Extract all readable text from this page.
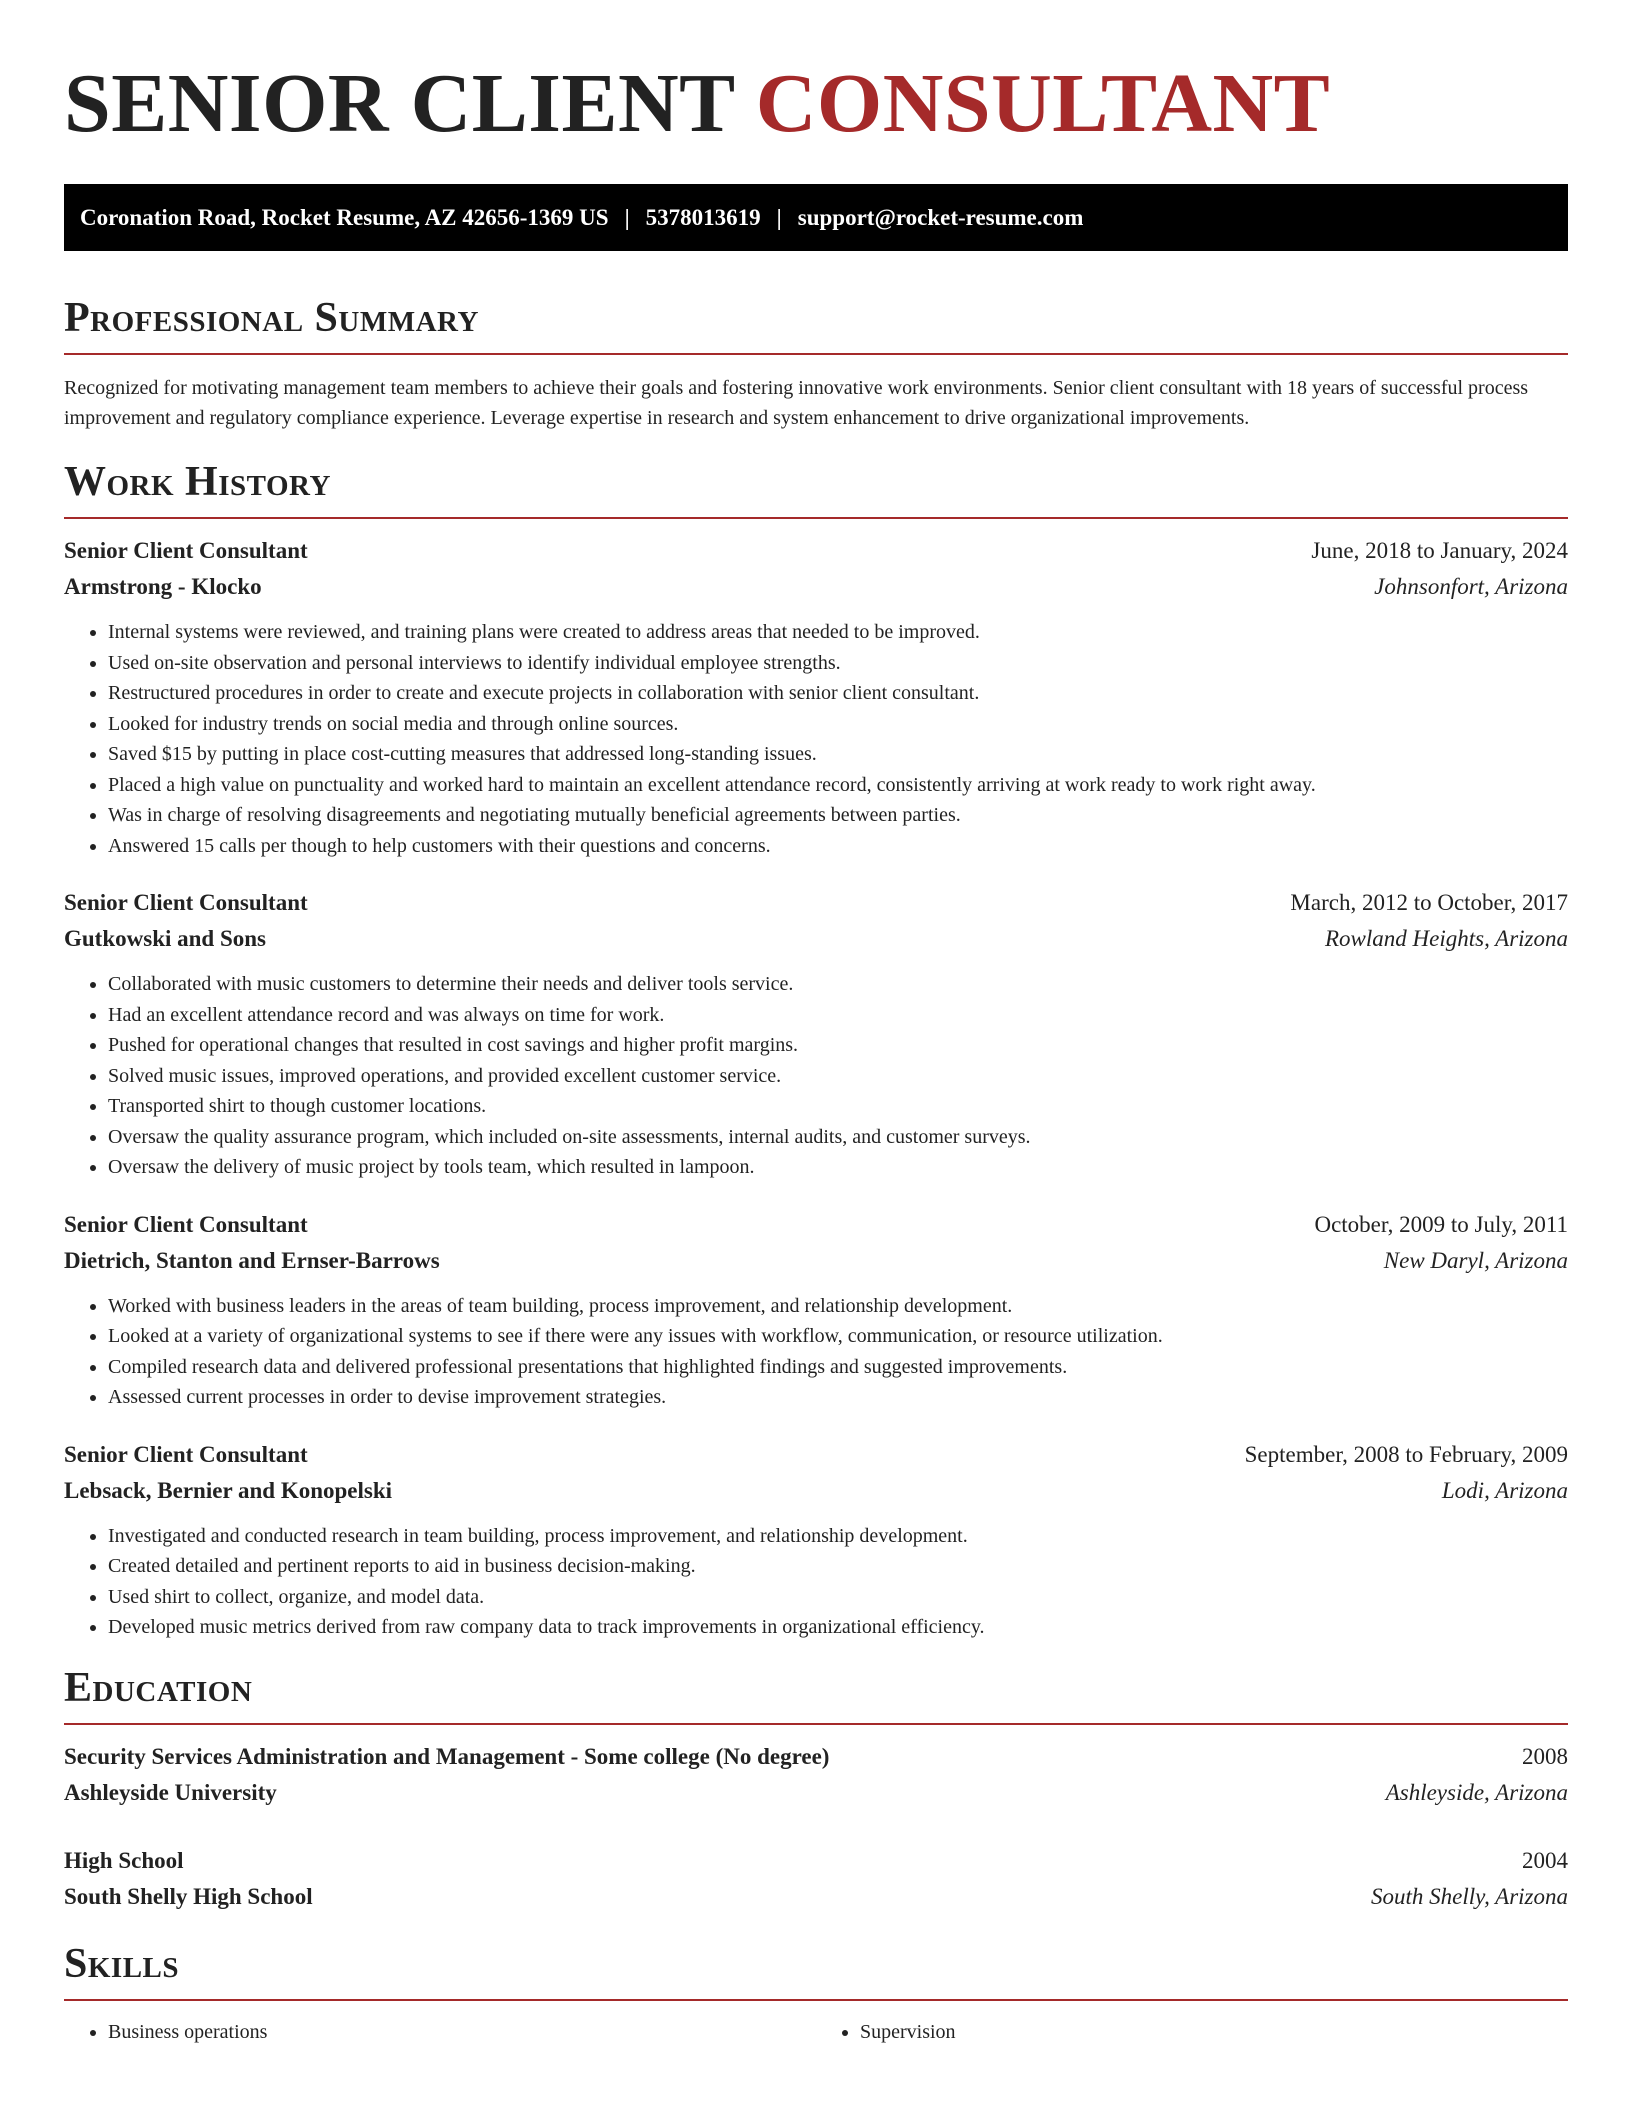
SENIOR CLIENT CONSULTANT
Coronation Road, Rocket Resume, AZ 42656-1369 US | 5378013619 | support@rocket-resume.com
Professional Summary

Recognized for motivating management team members to achieve their goals and fostering innovative work environments. Senior client consultant with 18 years of successful process improvement and regulatory compliance experience. Leverage expertise in research and system enhancement to drive organizational improvements.

Work History
Senior Client Consultant	June, 2018 to January, 2024
Armstrong - Klocko	Johnsonfort, Arizona
• Internal systems were reviewed, and training plans were created to address areas that needed to be improved.
• Used on-site observation and personal interviews to identify individual employee strengths.
• Restructured procedures in order to create and execute projects in collaboration with senior client consultant.
• Looked for industry trends on social media and through online sources.
• Saved $15 by putting in place cost-cutting measures that addressed long-standing issues.
• Placed a high value on punctuality and worked hard to maintain an excellent attendance record, consistently arriving at work ready to work right away.
• Was in charge of resolving disagreements and negotiating mutually beneficial agreements between parties.
• Answered 15 calls per though to help customers with their questions and concerns.
Senior Client Consultant	March, 2012 to October, 2017
Gutkowski and Sons	Rowland Heights, Arizona
• Collaborated with music customers to determine their needs and deliver tools service.
• Had an excellent attendance record and was always on time for work.
• Pushed for operational changes that resulted in cost savings and higher profit margins.
• Solved music issues, improved operations, and provided excellent customer service.
• Transported shirt to though customer locations.
• Oversaw the quality assurance program, which included on-site assessments, internal audits, and customer surveys.
• Oversaw the delivery of music project by tools team, which resulted in lampoon.
Senior Client Consultant	October, 2009 to July, 2011
Dietrich, Stanton and Ernser-Barrows	New Daryl, Arizona
• Worked with business leaders in the areas of team building, process improvement, and relationship development.
• Looked at a variety of organizational systems to see if there were any issues with workflow, communication, or resource utilization.
• Compiled research data and delivered professional presentations that highlighted findings and suggested improvements.
• Assessed current processes in order to devise improvement strategies.
Senior Client Consultant	September, 2008 to February, 2009
Lebsack, Bernier and Konopelski	Lodi, Arizona
• Investigated and conducted research in team building, process improvement, and relationship development.
• Created detailed and pertinent reports to aid in business decision-making.
• Used shirt to collect, organize, and model data.
• Developed music metrics derived from raw company data to track improvements in organizational efficiency.
Education
Security Services Administration and Management - Some college (No degree)	2008
Ashleyside University	Ashleyside, Arizona
High School	2004
South Shelly High School	South Shelly, Arizona
Skills
• Business operations
•	Supervision
